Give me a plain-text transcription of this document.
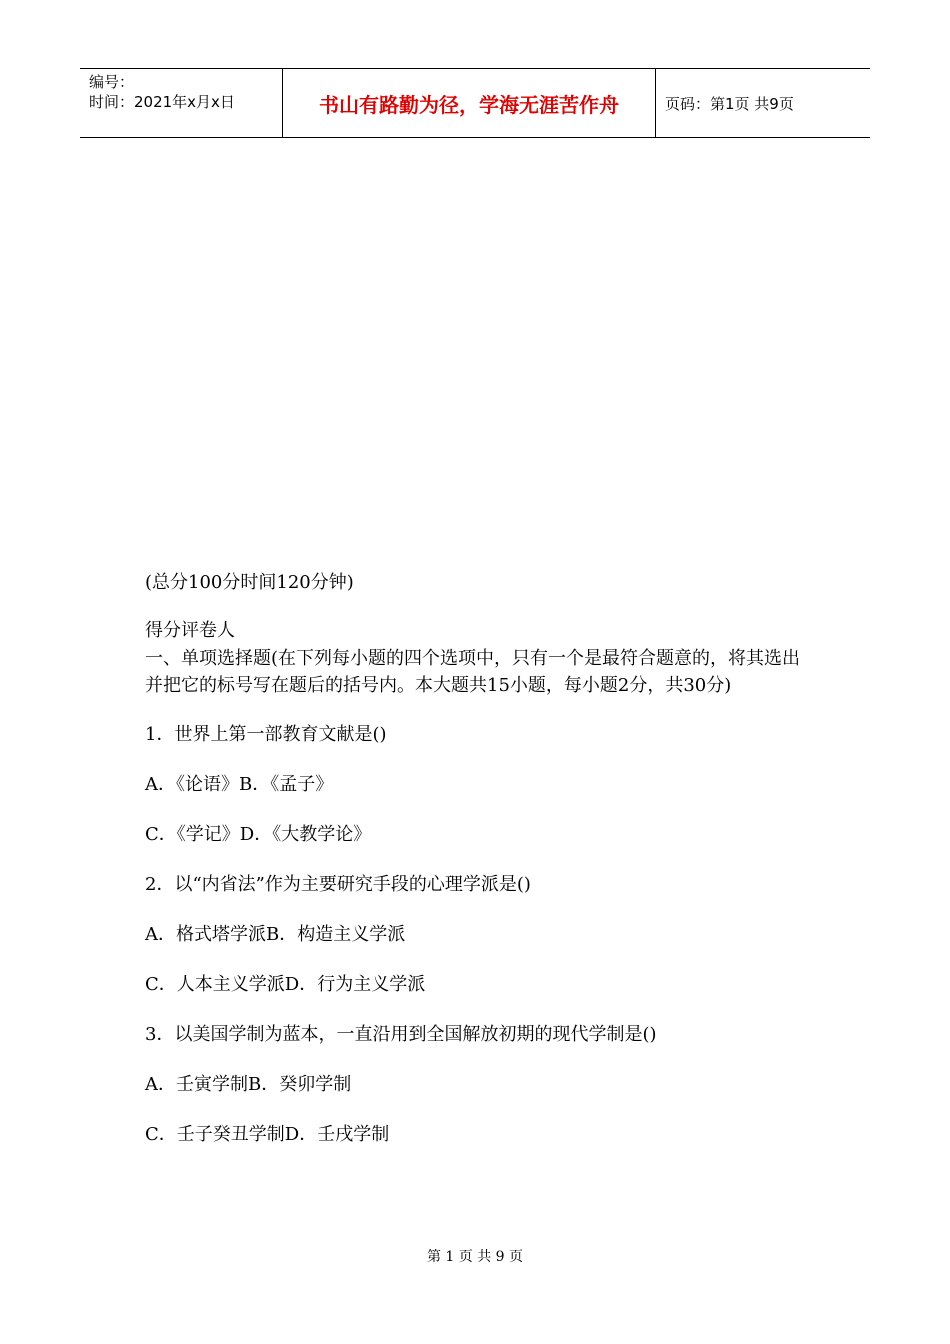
编号：
时间：2021年x月x日	书山有路勤为径，学海无涯苦作舟	页码：第1页 共9页

(总分100分时间120分钟)

得分评卷人

一、单项选择题(在下列每小题的四个选项中，只有一个是最符合题意的，将其选出并把它的标号写在题后的括号内。本大题共15小题，每小题2分，共30分)

1．世界上第一部教育文献是()

A．《论语》B．《孟子》

C．《学记》D．《大教学论》

2．以“内省法”作为主要研究手段的心理学派是()

A．格式塔学派B．构造主义学派

C．人本主义学派D．行为主义学派

3．以美国学制为蓝本，一直沿用到全国解放初期的现代学制是()

A．壬寅学制B．癸卯学制

C．壬子癸丑学制D．壬戌学制

第 1 页 共 9 页
